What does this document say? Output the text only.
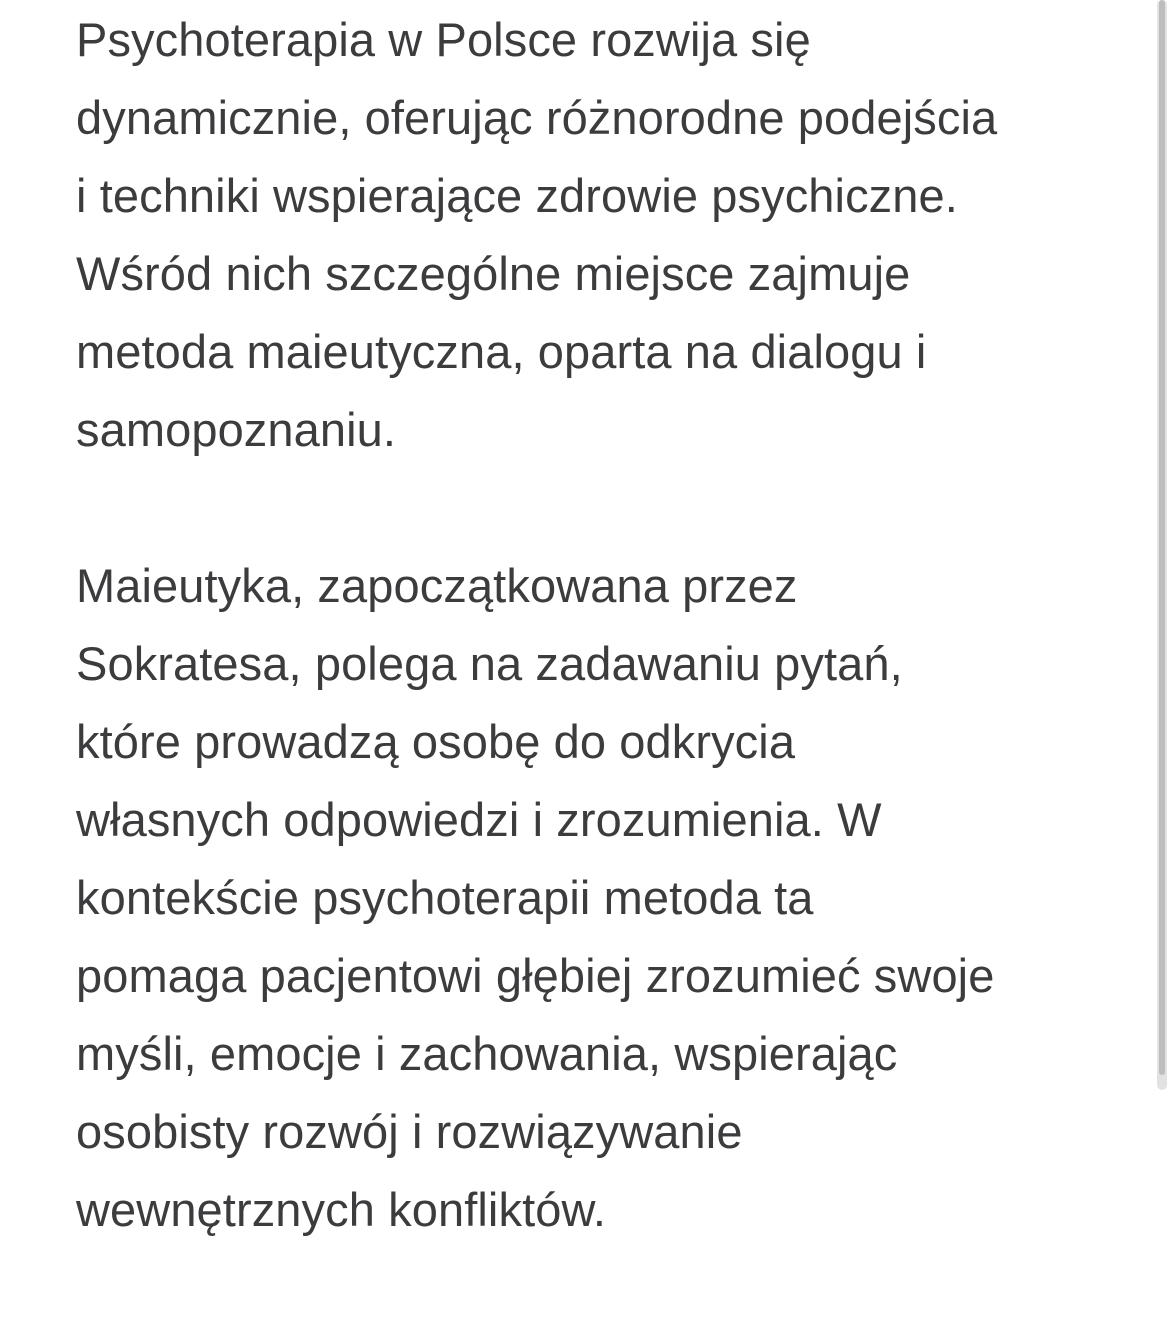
Psychoterapia w Polsce rozwija się
dynamicznie, oferując różnorodne podejścia
i techniki wspierające zdrowie psychiczne.
Wśród nich szczególne miejsce zajmuje
metoda maieutyczna, oparta na dialogu i
samopoznaniu.

Maieutyka, zapoczątkowana przez
Sokratesa, polega na zadawaniu pytań,
które prowadzą osobę do odkrycia
własnych odpowiedzi i zrozumienia. W
kontekście psychoterapii metoda ta
pomaga pacjentowi głębiej zrozumieć swoje
myśli, emocje i zachowania, wspierając
osobisty rozwój i rozwiązywanie
wewnętrznych konfliktów.
